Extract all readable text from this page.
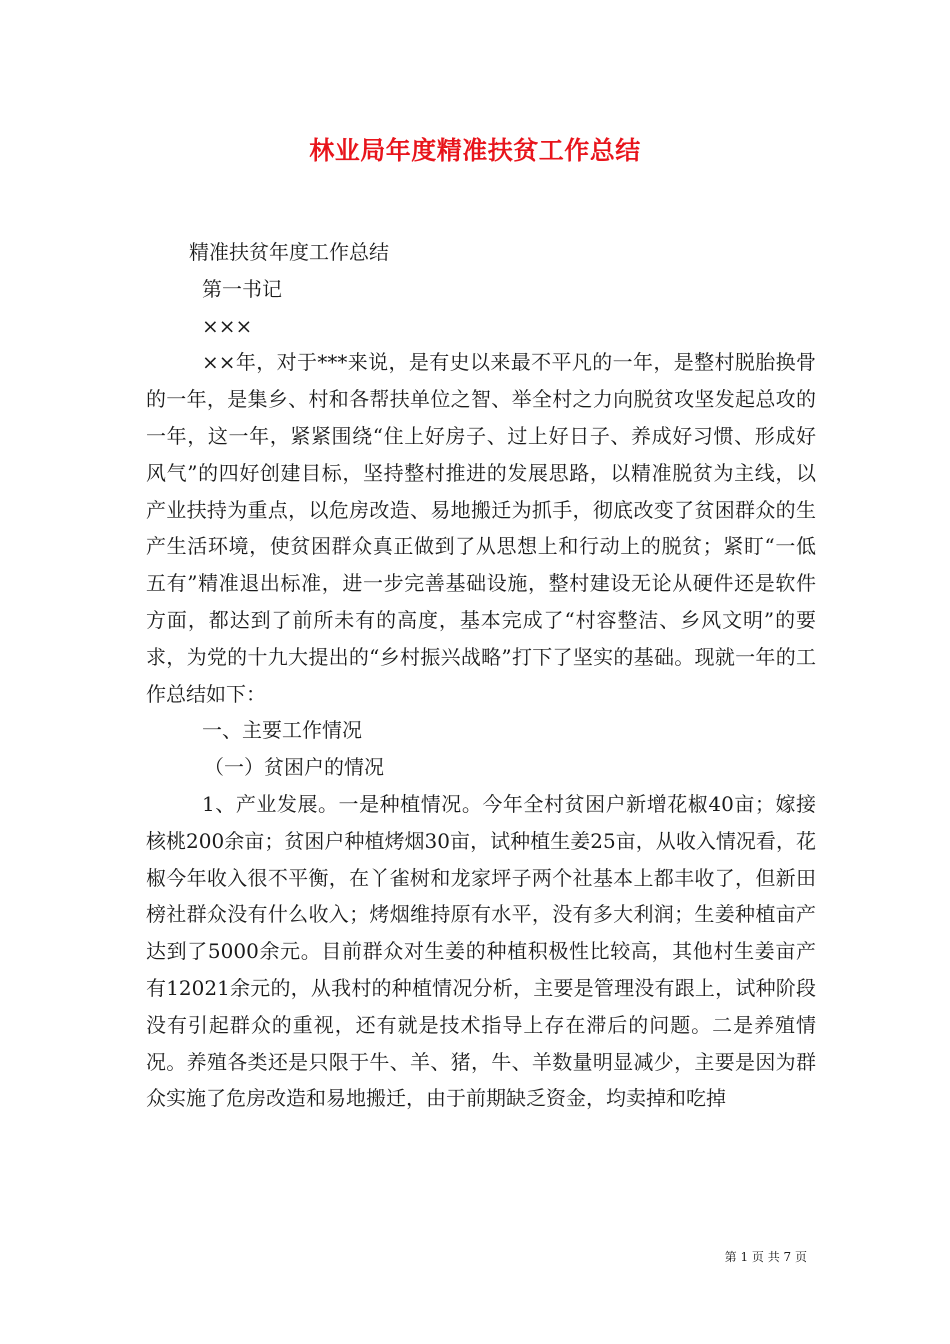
林业局年度精准扶贫工作总结

精准扶贫年度工作总结

第一书记

×××

××年，对于***来说，是有史以来最不平凡的一年，是整村脱胎换骨的一年，是集乡、村和各帮扶单位之智、举全村之力向脱贫攻坚发起总攻的一年，这一年，紧紧围绕“住上好房子、过上好日子、养成好习惯、形成好风气”的四好创建目标，坚持整村推进的发展思路，以精准脱贫为主线，以产业扶持为重点，以危房改造、易地搬迁为抓手，彻底改变了贫困群众的生产生活环境，使贫困群众真正做到了从思想上和行动上的脱贫；紧盯“一低五有”精准退出标准，进一步完善基础设施，整村建设无论从硬件还是软件方面，都达到了前所未有的高度，基本完成了“村容整洁、乡风文明”的要求，为党的十九大提出的“乡村振兴战略”打下了坚实的基础。现就一年的工作总结如下：

一、主要工作情况

（一）贫困户的情况

1、产业发展。一是种植情况。今年全村贫困户新增花椒40亩；嫁接核桃200余亩；贫困户种植烤烟30亩，试种植生姜25亩，从收入情况看，花椒今年收入很不平衡，在丫雀树和龙家坪子两个社基本上都丰收了，但新田榜社群众没有什么收入；烤烟维持原有水平，没有多大利润；生姜种植亩产达到了5000余元。目前群众对生姜的种植积极性比较高，其他村生姜亩产有12021余元的，从我村的种植情况分析，主要是管理没有跟上，试种阶段没有引起群众的重视，还有就是技术指导上存在滞后的问题。二是养殖情况。养殖各类还是只限于牛、羊、猪，牛、羊数量明显减少，主要是因为群众实施了危房改造和易地搬迁，由于前期缺乏资金，均卖掉和吃掉

第 1 页 共 7 页
